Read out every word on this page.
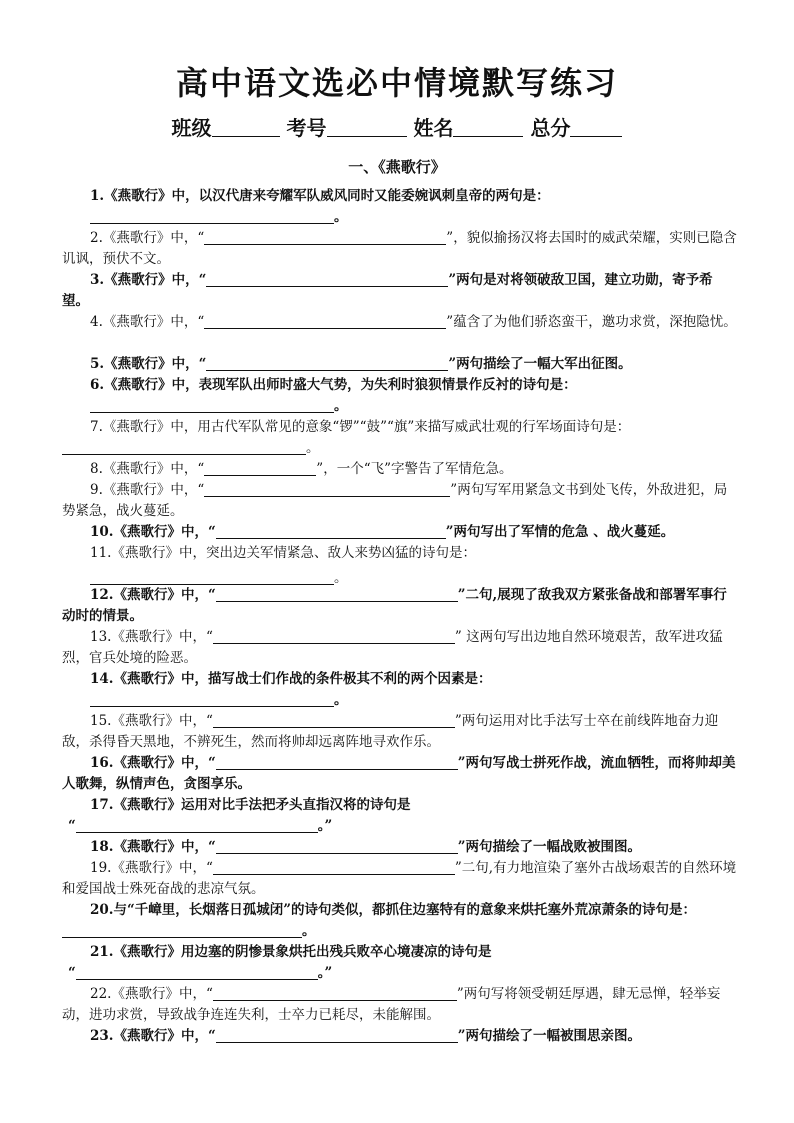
高中语文选必中情境默写练习
班级	考号	姓名	总分
一、《燕歌行》
1.《燕歌行》中，以汉代唐来夸耀军队威风同时又能委婉讽刺皇帝的两句是：
。
2.《燕歌行》中，“	”，貌似揄扬汉将去国时的威武荣耀，实则已隐含讥讽，预伏不文。
3.《燕歌行》中，“	”两句是对将领破敌卫国，建立功勋，寄予希望。
4.《燕歌行》中，“	”蕴含了为他们骄恣蛮干，邀功求赏，深抱隐忧。
5.《燕歌行》中，“	”两句描绘了一幅大军出征图。
6.《燕歌行》中，表现军队出师时盛大气势，为失利时狼狈情景作反衬的诗句是：
。
7.《燕歌行》中，用古代军队常见的意象“锣”“鼓”“旗”来描写威武壮观的行军场面诗句是：。
8.《燕歌行》中，“	”，一个“飞”字警告了军情危急。
9.《燕歌行》中，“	”两句写军用紧急文书到处飞传，外敌进犯，局势紧急，战火蔓延。
10.《燕歌行》中，“	”两句写出了军情的危急 、战火蔓延。
11.《燕歌行》中，突出边关军情紧急、敌人来势凶猛的诗句是：
。
12.《燕歌行》中，“	”二句,展现了敌我双方紧张备战和部署军事行动时的情景。
13.《燕歌行》中，“	” 这两句写出边地自然环境艰苦，敌军进攻猛烈，官兵处境的险恶。
14.《燕歌行》中，描写战士们作战的条件极其不利的两个因素是：
。
15.《燕歌行》中，“	”两句运用对比手法写士卒在前线阵地奋力迎敌，杀得昏天黑地，不辨死生，然而将帅却远离阵地寻欢作乐。
16.《燕歌行》中，“	”两句写战士拼死作战，流血牺牲，而将帅却美人歌舞，纵情声色，贪图享乐。
17.《燕歌行》运用对比手法把矛头直指汉将的诗句是
“	。”
18.《燕歌行》中，“	”两句描绘了一幅战败被围图。
19.《燕歌行》中，“	”二句,有力地渲染了塞外古战场艰苦的自然环境和爱国战士殊死奋战的悲凉气氛。
20.与“千嶂里，长烟落日孤城闭”的诗句类似，都抓住边塞特有的意象来烘托塞外荒凉萧条的诗句是：。
21.《燕歌行》用边塞的阴惨景象烘托出残兵败卒心境凄凉的诗句是
“	。”
22.《燕歌行》中，“	”两句写将领受朝廷厚遇，肆无忌惮，轻举妄动，进功求赏，导致战争连连失利，士卒力已耗尽，未能解围。
23.《燕歌行》中，“	”两句描绘了一幅被围思亲图。
